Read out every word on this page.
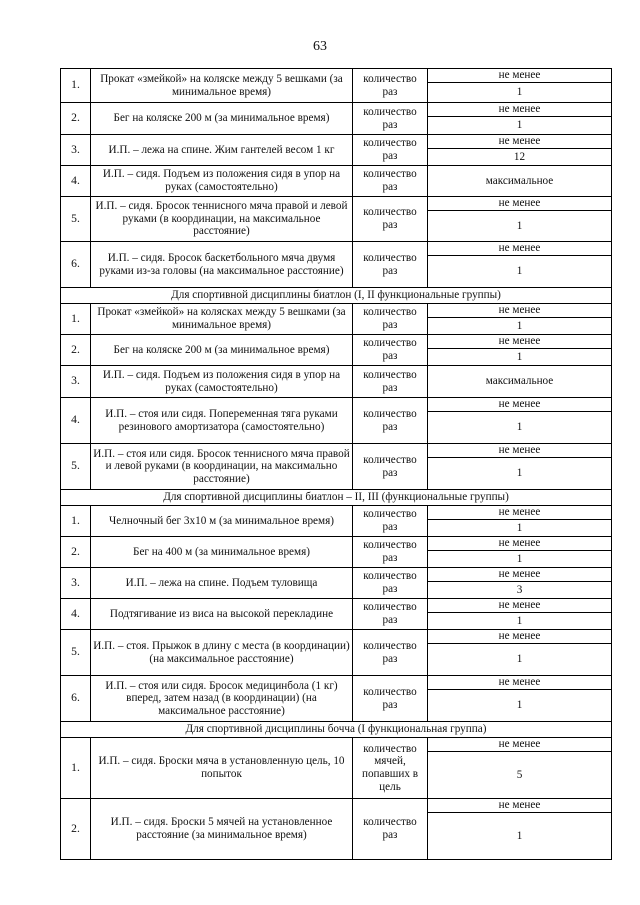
63
1.	Прокат «змейкой» на коляске между 5 вешками (за минимальное время)	количество раз	
не менее
1

2.	Бег на коляске 200 м (за минимальное время)	количество раз	
не менее
1

3.	И.П. – лежа на спине. Жим гантелей весом 1 кг	количество раз	
не менее
12

4.	И.П. – сидя. Подъем из положения сидя в упор на руках (самостоятельно)	количество раз	
максимальное

5.	И.П. – сидя. Бросок теннисного мяча правой и левой руками (в координации, на максимальное расстояние)	количество раз	
не менее
1

6.	И.П. – сидя. Бросок баскетбольного мяча двумя руками из-за головы (на максимальное расстояние)	количество раз	
не менее
1

Для спортивной дисциплины биатлон (I, II функциональные группы)
1.	Прокат «змейкой» на колясках между 5 вешками (за минимальное время)	количество раз	
не менее
1

2.	Бег на коляске 200 м (за минимальное время)	количество раз	
не менее
1

3.	И.П. – сидя. Подъем из положения сидя в упор на руках (самостоятельно)	количество раз	
максимальное

4.	И.П. – стоя или сидя. Попеременная тяга руками резинового амортизатора (самостоятельно)	количество раз	
не менее
1

5.	И.П. – стоя или сидя. Бросок теннисного мяча правой и левой руками (в координации, на максимально расстояние)	количество раз	
не менее
1

Для спортивной дисциплины биатлон – II, III (функциональные группы)
1.	Челночный бег 3х10 м (за минимальное время)	количество раз	
не менее
1

2.	Бег на 400 м (за минимальное время)	количество раз	
не менее
1

3.	И.П. – лежа на спине. Подъем туловища	количество раз	
не менее
3

4.	Подтягивание из виса на высокой перекладине	количество раз	
не менее
1

5.	И.П. – стоя. Прыжок в длину с места (в координации) (на максимальное расстояние)	количество раз	
не менее
1

6.	И.П. – стоя или сидя. Бросок медицинбола (1 кг) вперед, затем назад (в координации) (на максимальное расстояние)	количество раз	
не менее
1

Для спортивной дисциплины бочча (I функциональная группа)
1.	И.П. – сидя. Броски мяча в установленную цель, 10 попыток	количество мячей, попавших в цель	
не менее
5

2.	И.П. – сидя. Броски 5 мячей на установленное расстояние (за минимальное время)	количество раз	
не менее
1
